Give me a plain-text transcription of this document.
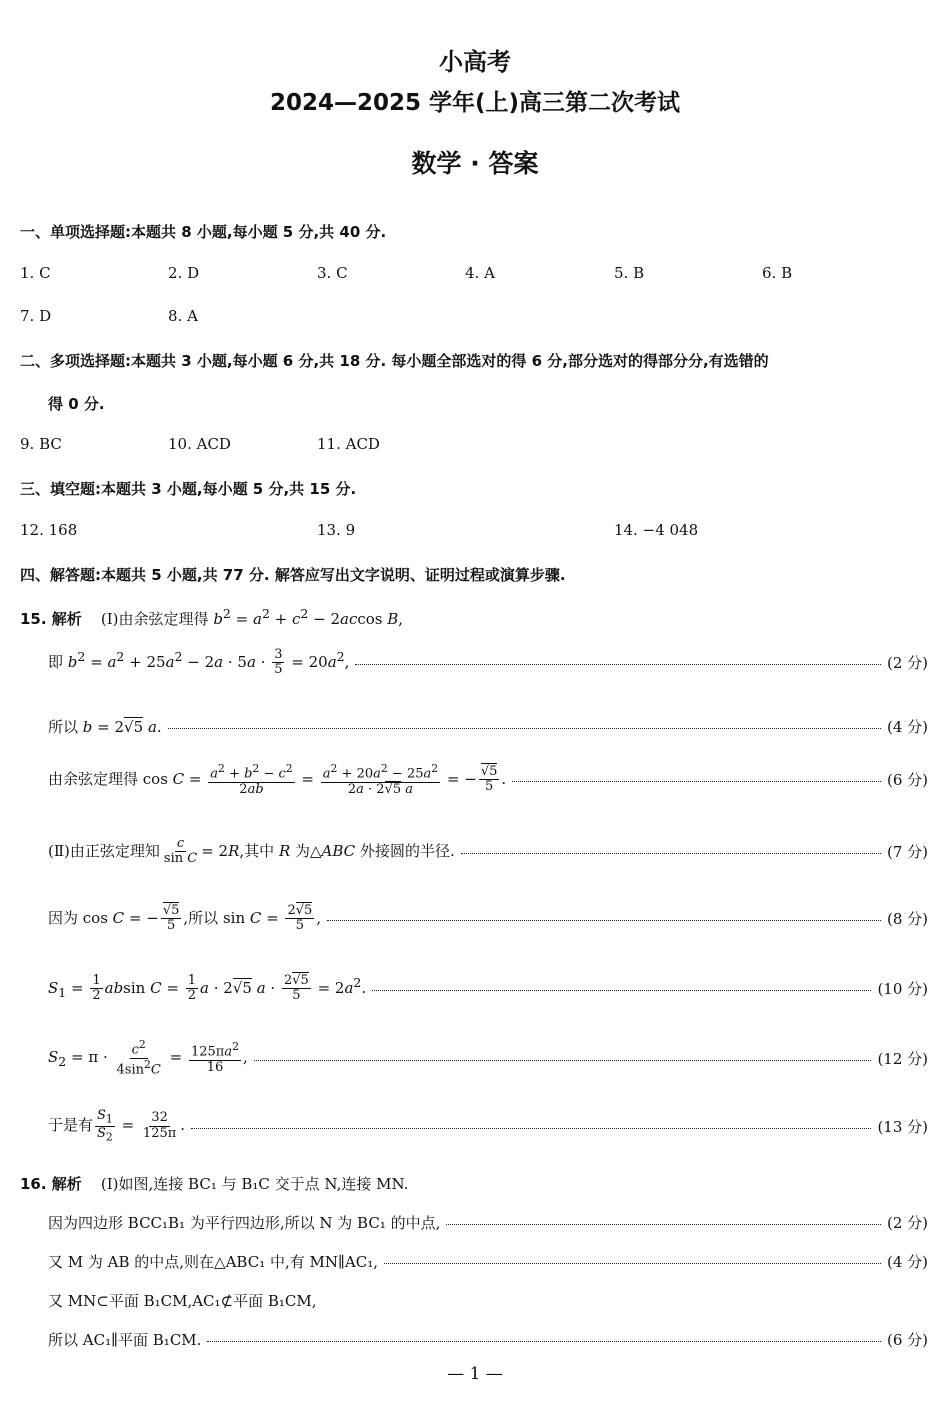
小高考
2024—2025 学年(上)高三第二次考试
数学 · 答案
一、单项选择题:本题共 8 小题,每小题 5 分,共 40 分.
1. C	2. D	3. C	4. A	5. B	6. B
7. D	8. A
二、多项选择题:本题共 3 小题,每小题 6 分,共 18 分. 每小题全部选对的得 6 分,部分选对的得部分分,有选错的
得 0 分.
9. BC	10. ACD	11. ACD
三、填空题:本题共 3 小题,每小题 5 分,共 15 分.
12. 168	13. 9	14. −4 048
四、解答题:本题共 5 小题,共 77 分. 解答应写出文字说明、证明过程或演算步骤.
15. 解析 (Ⅰ)由余弦定理得 $b^2 = a^2 + c^2 - 2accos$ B,
即 $b^2 = a^2 + 25a^2 - 2a \cdot 5a \cdot \frac{3}{5} = 20a^2$,	(2 分)
所以 b = 2√5 a.	(4 分)
由余弦定理得 $\cos C = \frac{a^2 + b^2 - c^2}{2ab} = \frac{a^2 + 20a^2 - 25a^2}{2a \cdot 2√5 a}$ = − $\frac{√5}{5}$ .	(6 分)
(Ⅱ)由正弦定理知 $\frac{c}{\text{sin C}} = 2R$,其中 R 为△ABC 外接圆的半径.	(7 分)
因为 cos C = − $\frac{√5}{5}$ ,所以 $\sin C = \frac{2√5}{5}$ ,	(8 分)
$S_1 = \frac{1}{2}$ absin $C = \frac{1}{2}$ a · 2√5 $a \cdot \frac{2√5}{5} = 2a^2$.	(10 分)
$S_2 = \pi \cdot \frac{c^2}{4\sin^2C} = \frac{125\pi a^2}{16}$ ,	(12 分)
于是有 $\frac{S_1}{S_2} = \frac{32}{125\pi}$ .	(13 分)
16. 解析 (Ⅰ)如图,连接 BC₁ 与 B₁C 交于点 N,连接 MN.
因为四边形 BCC₁B₁ 为平行四边形,所以 N 为 BC₁ 的中点,	(2 分)
又 M 为 AB 的中点,则在△ABC₁ 中,有 MN∥AC₁,	(4 分)
又 MN⊂平面 B₁CM,AC₁⊄平面 B₁CM,
所以 AC₁∥平面 B₁CM.	(6 分)
— 1 —
